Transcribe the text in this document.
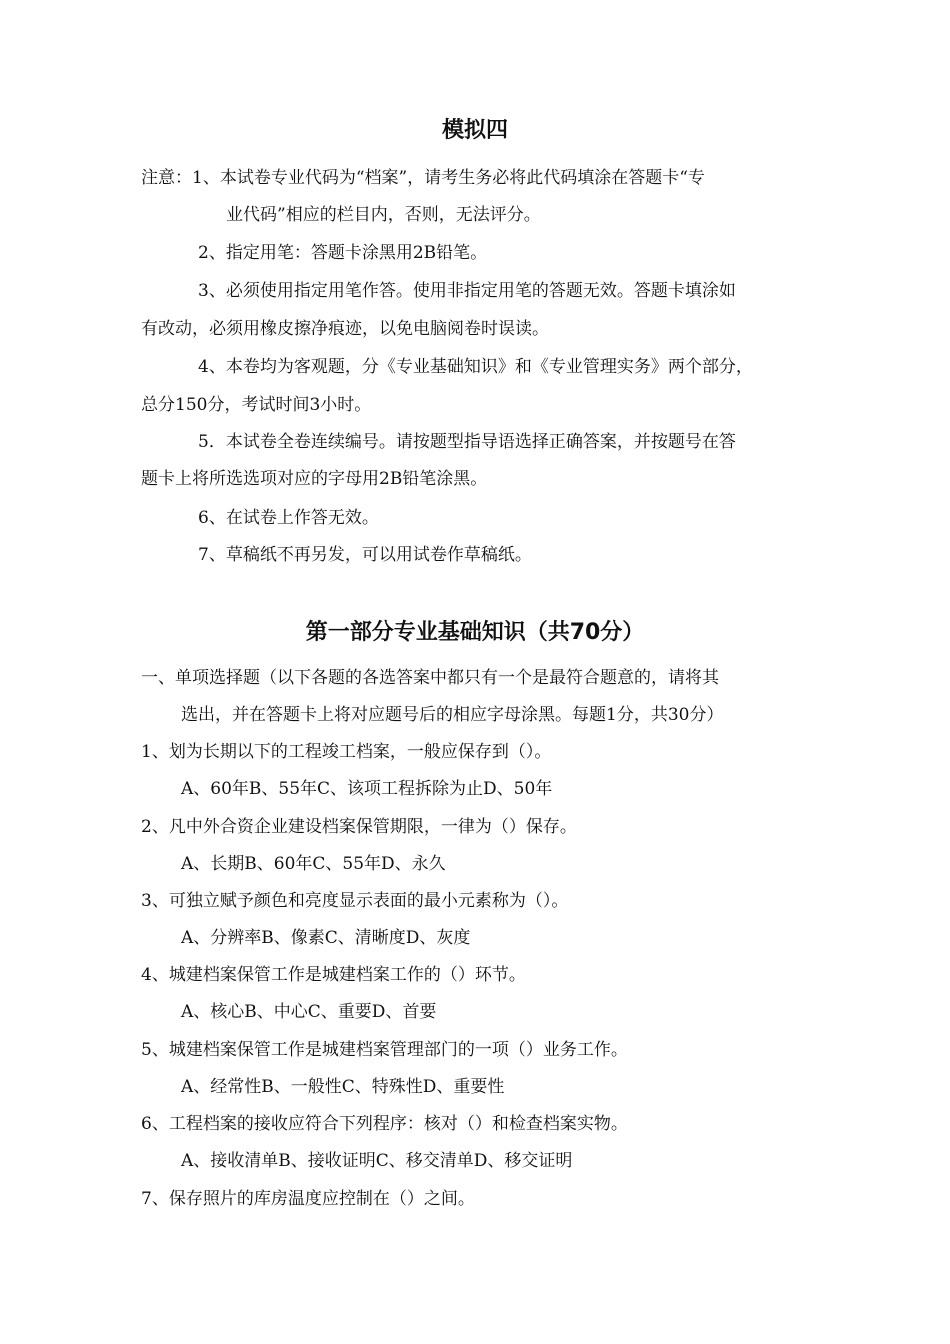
模拟四

注意：1、本试卷专业代码为“档案”，请考生务必将此代码填涂在答题卡“专

业代码”相应的栏目内，否则，无法评分。

2、指定用笔：答题卡涂黑用2B铅笔。

3、必须使用指定用笔作答。使用非指定用笔的答题无效。答题卡填涂如

有改动，必须用橡皮擦净痕迹，以免电脑阅卷时误读。

4、本卷均为客观题，分《专业基础知识》和《专业管理实务》两个部分，

总分150分，考试时间3小时。

5．本试卷全卷连续编号。请按题型指导语选择正确答案，并按题号在答

题卡上将所选选项对应的字母用2B铅笔涂黑。

6、在试卷上作答无效。

7、草稿纸不再另发，可以用试卷作草稿纸。

第一部分专业基础知识（共70分）

一、单项选择题（以下各题的各选答案中都只有一个是最符合题意的，请将其

选出，并在答题卡上将对应题号后的相应字母涂黑。每题1分，共30分）

1、划为长期以下的工程竣工档案，一般应保存到（）。

A、60年B、55年C、该项工程拆除为止D、50年

2、凡中外合资企业建设档案保管期限，一律为（）保存。

A、长期B、60年C、55年D、永久

3、可独立赋予颜色和亮度显示表面的最小元素称为（）。

A、分辨率B、像素C、清晰度D、灰度

4、城建档案保管工作是城建档案工作的（）环节。

A、核心B、中心C、重要D、首要

5、城建档案保管工作是城建档案管理部门的一项（）业务工作。

A、经常性B、一般性C、特殊性D、重要性

6、工程档案的接收应符合下列程序：核对（）和检查档案实物。

A、接收清单B、接收证明C、移交清单D、移交证明

7、保存照片的库房温度应控制在（）之间。
